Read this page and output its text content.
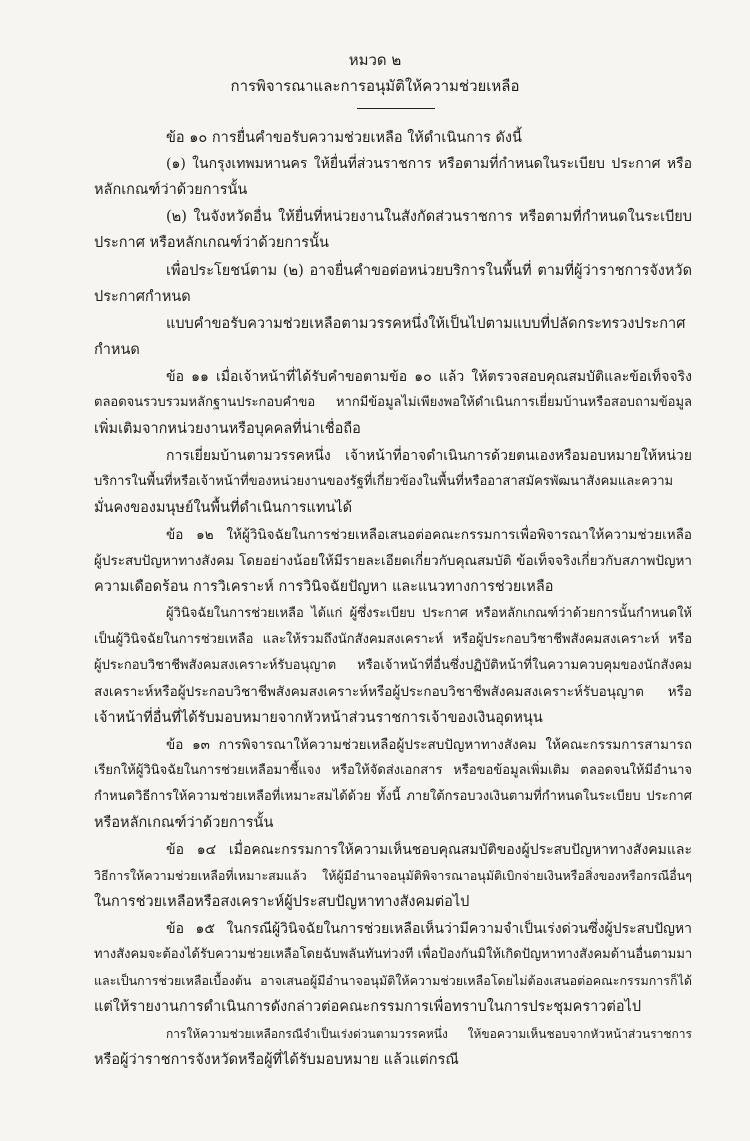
หมวด ๒
การพิจารณาและการอนุมัติให้ความช่วยเหลือ
ข้อ ๑๐ การยื่นคำขอรับความช่วยเหลือ ให้ดำเนินการ ดังนี้
(๑) ในกรุงเทพมหานคร ให้ยื่นที่ส่วนราชการ หรือตามที่กำหนดในระเบียบ ประกาศ หรือ
หลักเกณฑ์ว่าด้วยการนั้น
(๒) ในจังหวัดอื่น ให้ยื่นที่หน่วยงานในสังกัดส่วนราชการ หรือตามที่กำหนดในระเบียบ
ประกาศ หรือหลักเกณฑ์ว่าด้วยการนั้น
เพื่อประโยชน์ตาม (๒) อาจยื่นคำขอต่อหน่วยบริการในพื้นที่ ตามที่ผู้ว่าราชการจังหวัด
ประกาศกำหนด
แบบคำขอรับความช่วยเหลือตามวรรคหนึ่งให้เป็นไปตามแบบที่ปลัดกระทรวงประกาศ
กำหนด
ข้อ ๑๑ เมื่อเจ้าหน้าที่ได้รับคำขอตามข้อ ๑๐ แล้ว ให้ตรวจสอบคุณสมบัติและข้อเท็จจริง
ตลอดจนรวบรวมหลักฐานประกอบคำขอ หากมีข้อมูลไม่เพียงพอให้ดำเนินการเยี่ยมบ้านหรือสอบถามข้อมูล
เพิ่มเติมจากหน่วยงานหรือบุคคลที่น่าเชื่อถือ
การเยี่ยมบ้านตามวรรคหนึ่ง เจ้าหน้าที่อาจดำเนินการด้วยตนเองหรือมอบหมายให้หน่วย
บริการในพื้นที่หรือเจ้าหน้าที่ของหน่วยงานของรัฐที่เกี่ยวข้องในพื้นที่หรืออาสาสมัครพัฒนาสังคมและความ
มั่นคงของมนุษย์ในพื้นที่ดำเนินการแทนได้
ข้อ ๑๒ ให้ผู้วินิจฉัยในการช่วยเหลือเสนอต่อคณะกรรมการเพื่อพิจารณาให้ความช่วยเหลือ
ผู้ประสบปัญหาทางสังคม โดยอย่างน้อยให้มีรายละเอียดเกี่ยวกับคุณสมบัติ ข้อเท็จจริงเกี่ยวกับสภาพปัญหา
ความเดือดร้อน การวิเคราะห์ การวินิจฉัยปัญหา และแนวทางการช่วยเหลือ
ผู้วินิจฉัยในการช่วยเหลือ ได้แก่ ผู้ซึ่งระเบียบ ประกาศ หรือหลักเกณฑ์ว่าด้วยการนั้นกำหนดให้
เป็นผู้วินิจฉัยในการช่วยเหลือ และให้รวมถึงนักสังคมสงเคราะห์ หรือผู้ประกอบวิชาชีพสังคมสงเคราะห์ หรือ
ผู้ประกอบวิชาชีพสังคมสงเคราะห์รับอนุญาต หรือเจ้าหน้าที่อื่นซึ่งปฏิบัติหน้าที่ในความควบคุมของนักสังคม
สงเคราะห์หรือผู้ประกอบวิชาชีพสังคมสงเคราะห์หรือผู้ประกอบวิชาชีพสังคมสงเคราะห์รับอนุญาต หรือ
เจ้าหน้าที่อื่นที่ได้รับมอบหมายจากหัวหน้าส่วนราชการเจ้าของเงินอุดหนุน
ข้อ ๑๓ การพิจารณาให้ความช่วยเหลือผู้ประสบปัญหาทางสังคม ให้คณะกรรมการสามารถ
เรียกให้ผู้วินิจฉัยในการช่วยเหลือมาชี้แจง หรือให้จัดส่งเอกสาร หรือขอข้อมูลเพิ่มเติม ตลอดจนให้มีอำนาจ
กำหนดวิธีการให้ความช่วยเหลือที่เหมาะสมได้ด้วย ทั้งนี้ ภายใต้กรอบวงเงินตามที่กำหนดในระเบียบ ประกาศ
หรือหลักเกณฑ์ว่าด้วยการนั้น
ข้อ ๑๔ เมื่อคณะกรรมการให้ความเห็นชอบคุณสมบัติของผู้ประสบปัญหาทางสังคมและ
วิธีการให้ความช่วยเหลือที่เหมาะสมแล้ว ให้ผู้มีอำนาจอนุมัติพิจารณาอนุมัติเบิกจ่ายเงินหรือสิ่งของหรือกรณีอื่นๆ
ในการช่วยเหลือหรือสงเคราะห์ผู้ประสบปัญหาทางสังคมต่อไป
ข้อ ๑๕ ในกรณีผู้วินิจฉัยในการช่วยเหลือเห็นว่ามีความจำเป็นเร่งด่วนซึ่งผู้ประสบปัญหา
ทางสังคมจะต้องได้รับความช่วยเหลือโดยฉับพลันทันท่วงที เพื่อป้องกันมิให้เกิดปัญหาทางสังคมด้านอื่นตามมา
และเป็นการช่วยเหลือเบื้องต้น อาจเสนอผู้มีอำนาจอนุมัติให้ความช่วยเหลือโดยไม่ต้องเสนอต่อคณะกรรมการก็ได้
แต่ให้รายงานการดำเนินการดังกล่าวต่อคณะกรรมการเพื่อทราบในการประชุมคราวต่อไป
การให้ความช่วยเหลือกรณีจำเป็นเร่งด่วนตามวรรคหนึ่ง ให้ขอความเห็นชอบจากหัวหน้าส่วนราชการ
หรือผู้ว่าราชการจังหวัดหรือผู้ที่ได้รับมอบหมาย แล้วแต่กรณี
